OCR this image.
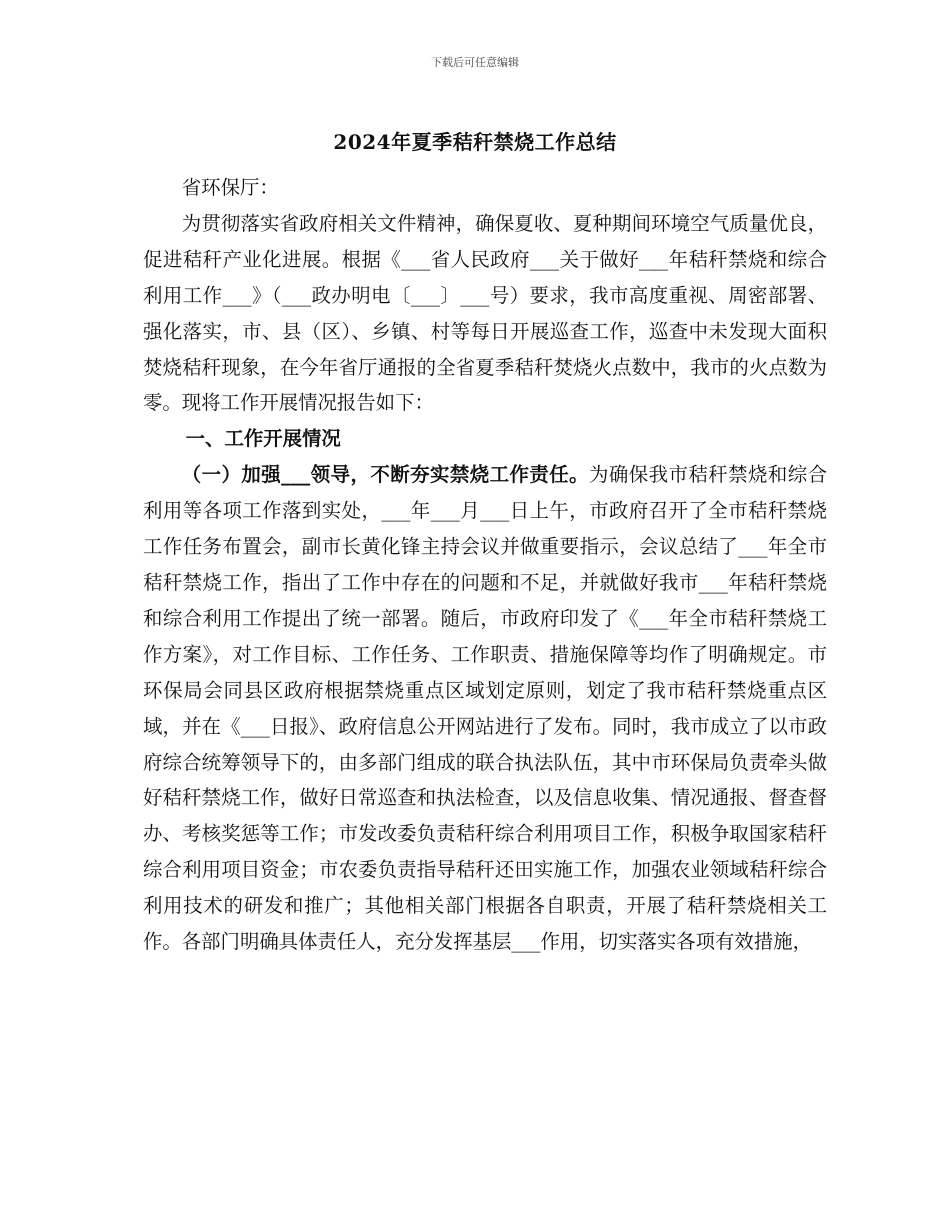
下载后可任意编辑
2024年夏季秸秆禁烧工作总结

省环保厅：

为贯彻落实省政府相关文件精神，确保夏收、夏种期间环境空气质量优良，促进秸秆产业化进展。根据《___省人民政府___关于做好___年秸秆禁烧和综合利用工作___》（___政办明电〔___〕___号）要求，我市高度重视、周密部署、强化落实，市、县（区）、乡镇、村等每日开展巡查工作，巡查中未发现大面积焚烧秸秆现象，在今年省厅通报的全省夏季秸秆焚烧火点数中，我市的火点数为零。现将工作开展情况报告如下：

一、工作开展情况

（一）加强___领导，不断夯实禁烧工作责任。为确保我市秸秆禁烧和综合利用等各项工作落到实处，___年___月___日上午，市政府召开了全市秸秆禁烧工作任务布置会，副市长黄化锋主持会议并做重要指示，会议总结了___年全市秸秆禁烧工作，指出了工作中存在的问题和不足，并就做好我市___年秸秆禁烧和综合利用工作提出了统一部署。随后，市政府印发了《___年全市秸秆禁烧工作方案》，对工作目标、工作任务、工作职责、措施保障等均作了明确规定。市环保局会同县区政府根据禁烧重点区域划定原则，划定了我市秸秆禁烧重点区域，并在《___日报》、政府信息公开网站进行了发布。同时，我市成立了以市政府综合统筹领导下的，由多部门组成的联合执法队伍，其中市环保局负责牵头做好秸秆禁烧工作，做好日常巡查和执法检查，以及信息收集、情况通报、督查督办、考核奖惩等工作；市发改委负责秸秆综合利用项目工作，积极争取国家秸秆综合利用项目资金；市农委负责指导秸秆还田实施工作，加强农业领域秸秆综合利用技术的研发和推广；其他相关部门根据各自职责，开展了秸秆禁烧相关工作。各部门明确具体责任人，充分发挥基层___作用，切实落实各项有效措施，
